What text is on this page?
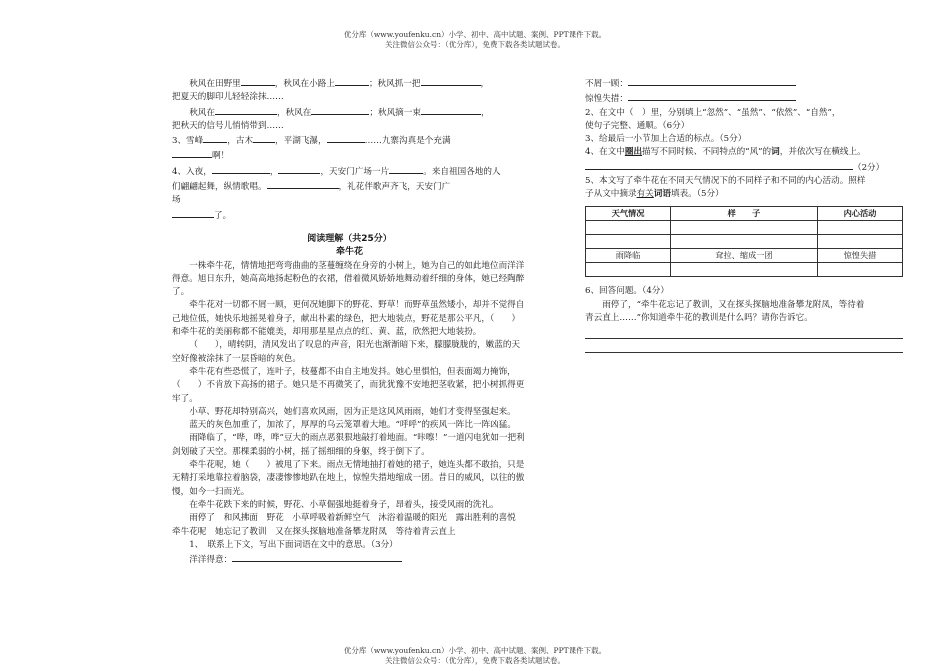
优分库（www.youfenku.cn）小学、初中、高中试题、案例、PPT课件下载。
关注微信公众号：（优分库），免费下载各类试题试卷。
秋风在田野里	，秋风在小路上	；秋风抓一把	，
把夏天的脚印儿轻轻涂抹……
秋风在	，秋风在	；秋风摘一束	，
把秋天的信号儿悄悄带到……
3、雪峰	，古木	，平湖飞瀑，	……九寨沟真是个充满
啊！
4、入夜，	，	，天安门广场一片	。来自祖国各地的人
们翩翩起舞，纵情歌唱。	，礼花伴歌声齐飞，天安门广
场
了。
阅读理解（共25分）
牵牛花

一株牵牛花，情情地把弯弯曲曲的茎蔓缠绕在身旁的小树上，她为自己的如此地位而洋洋得意。旭日东升，她高高地扬起粉色的衣裙，借着微风娇娇地舞动着纤细的身体，她已经陶醉了。

牵牛花对一切都不屑一顾，更何况她脚下的野花、野草！而野草虽然矮小，却并不觉得自己地位低，她快乐地摇晃着身子，献出朴素的绿色，把大地装点，野花是那公平凡，（　　）和牵牛花的美丽称都不能媲美，却用那星星点点的红、黄、蓝，欣然把大地装扮。

（　　），晴转阴，清风发出了叹息的声音，阳光也渐渐暗下来，朦朦胧胧的，嫩蓝的天空好像被涂抹了一层昏暗的灰色。

牵牛花有些恐慌了，连叶子，枝蔓都不由自主地发抖。她心里惧怕，但表面竭力掩饰，（　　）不肯放下高扬的裙子。她只是不再微笑了，而犹犹豫不安地把茎收紧，把小树抓得更牢了。

小草、野花却特别高兴，她们喜欢风雨，因为正是这风风雨雨，她们才变得坚强起来。

蓝天的灰色加重了，加浓了，厚厚的乌云笼罩着大地。“呼呼”的疾风一阵比一阵凶猛。

雨降临了，“哗，哗，哗”豆大的雨点恶狠狠地敲打着地面。“咔嚓！”一道闪电犹如一把利剑划破了天空。那棵柔弱的小树，摇了摇细细的身躯，终于倒下了。

牵牛花呢，她（　　）被甩了下来。雨点无情地抽打着她的裙子，她连头都不敢抬，只是无精打采地靠拉着脑袋，凄凄惨惨地趴在地上，惊惶失措地缩成一团。昔日的威风，以往的傲慢，如今一扫而光。

在牵牛花跌下来的时候，野花、小草倔强地挺着身子，昂着头，接受风雨的洗礼。

雨停了　和风拂面　野花　小草呼吸着新鲜空气　沐浴着温暖的阳光　露出胜利的喜悦　牵牛花呢　她忘记了教训　又在探头探脑地准备攀龙附凤　等待着青云直上

1、　联系上下文，写出下面词语在文中的意思。（3分）
洋洋得意：
不屑一顾：
惊惶失措：
2、在文中（　）里，分别填上“忽然”、“虽然”、“依然”、“自然”，
使句子完整、通顺。（6分）
3、给最后一小节加上合适的标点。（5分）
4、在文中圈出描写不同时候、不同特点的“风”的词，并依次写在横线上。
（2分）
5、本文写了牵牛花在不同天气情况下的不同样子和不同的内心活动。照样
子从文中摘录有关词语填表。（5分）
天气情况	样　　子	内心活动

雨降临	耷拉、缩成一团	惊惶失措

6、回答问题。（4分）
雨停了，“牵牛花忘记了教训，又在探头探脑地准备攀龙附凤，等待着
青云直上……”你知道牵牛花的教训是什么吗？请你告诉它。
优分库（www.youfenku.cn）小学、初中、高中试题、案例、PPT课件下载。
关注微信公众号：（优分库），免费下载各类试题试卷。
